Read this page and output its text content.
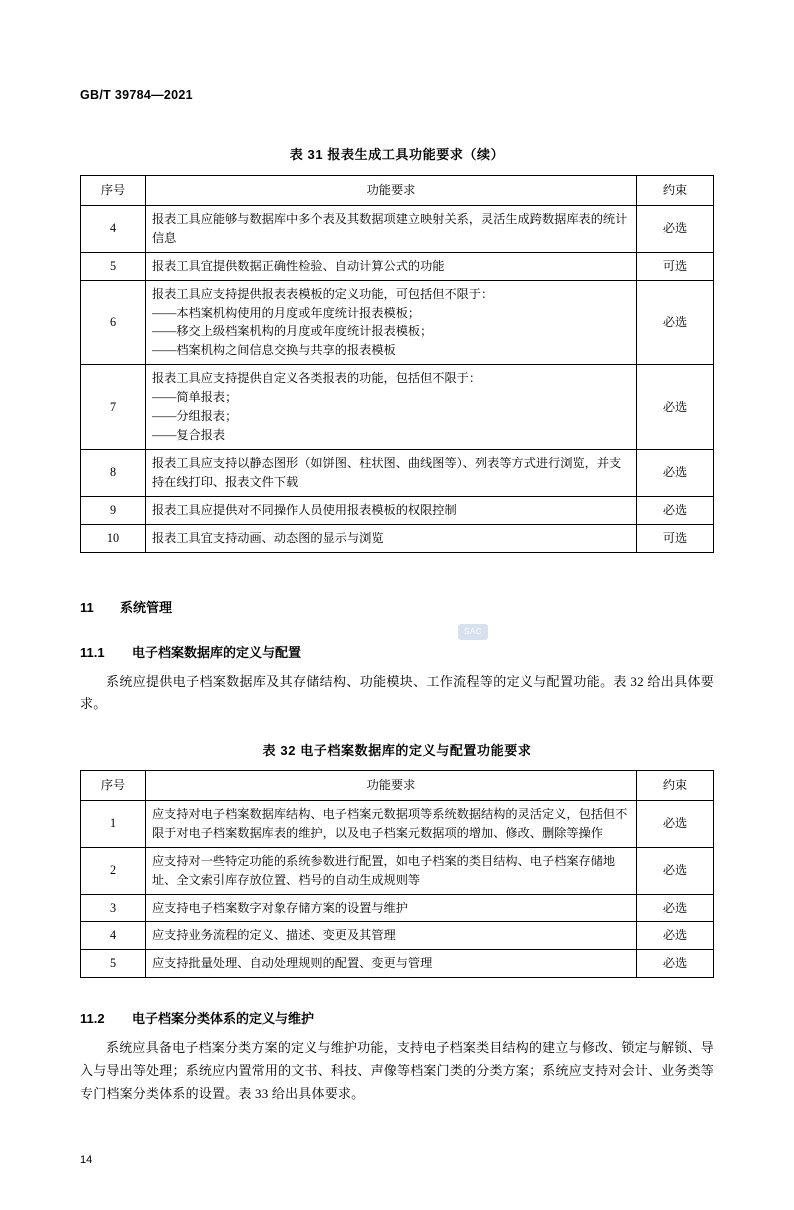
GB/T 39784—2021
表 31 报表生成工具功能要求（续）
序号	功能要求	约束
4	报表工具应能够与数据库中多个表及其数据项建立映射关系，灵活生成跨数据库表的统计信息	必选
5	报表工具宜提供数据正确性检验、自动计算公式的功能	可选
6	报表工具应支持提供报表表模板的定义功能，可包括但不限于：
——本档案机构使用的月度或年度统计报表模板；
——移交上级档案机构的月度或年度统计报表模板；
——档案机构之间信息交换与共享的报表模板	必选
7	报表工具应支持提供自定义各类报表的功能，包括但不限于：
——简单报表；
——分组报表；
——复合报表	必选
8	报表工具应支持以静态图形（如饼图、柱状图、曲线图等）、列表等方式进行浏览，并支持在线打印、报表文件下载	必选
9	报表工具应提供对不同操作人员使用报表模板的权限控制	必选
10	报表工具宜支持动画、动态图的显示与浏览	可选
11 系统管理
11.1 电子档案数据库的定义与配置

系统应提供电子档案数据库及其存储结构、功能模块、工作流程等的定义与配置功能。表 32 给出具体要求。

表 32 电子档案数据库的定义与配置功能要求
序号	功能要求	约束
1	应支持对电子档案数据库结构、电子档案元数据项等系统数据结构的灵活定义，包括但不限于对电子档案数据库表的维护，以及电子档案元数据项的增加、修改、删除等操作	必选
2	应支持对一些特定功能的系统参数进行配置，如电子档案的类目结构、电子档案存储地址、全文索引库存放位置、档号的自动生成规则等	必选
3	应支持电子档案数字对象存储方案的设置与维护	必选
4	应支持业务流程的定义、描述、变更及其管理	必选
5	应支持批量处理、自动处理规则的配置、变更与管理	必选
11.2 电子档案分类体系的定义与维护

系统应具备电子档案分类方案的定义与维护功能，支持电子档案类目结构的建立与修改、锁定与解锁、导入与导出等处理；系统应内置常用的文书、科技、声像等档案门类的分类方案；系统应支持对会计、业务类等专门档案分类体系的设置。表 33 给出具体要求。

SAC
14
